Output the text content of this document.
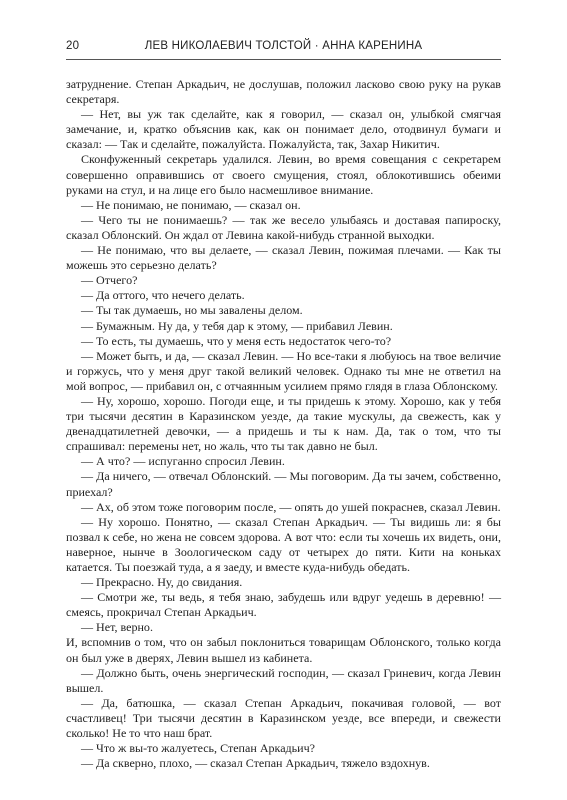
20	ЛЕВ НИКОЛАЕВИЧ ТОЛСТОЙ · АННА КАРЕНИНА

затруднение. Степан Аркадьич, не дослушав, положил ласково свою руку на рукав секретаря.

— Нет, вы уж так сделайте, как я говорил, — сказал он, улыбкой смягчая замечание, и, кратко объяснив как, как он понимает дело, отодвинул бумаги и сказал: — Так и сделайте, пожалуйста. Пожалуйста, так, Захар Никитич.

Сконфуженный секретарь удалился. Левин, во время совещания с секретарем совершенно оправившись от своего смущения, стоял, облокотившись обеими руками на стул, и на лице его было насмешливое внимание.

— Не понимаю, не понимаю, — сказал он.

— Чего ты не понимаешь? — так же весело улыбаясь и доставая папироску, сказал Облонский. Он ждал от Левина какой-нибудь странной выходки.

— Не понимаю, что вы делаете, — сказал Левин, пожимая плечами. — Как ты можешь это серьезно делать?

— Отчего?

— Да оттого, что нечего делать.

— Ты так думаешь, но мы завалены делом.

— Бумажным. Ну да, у тебя дар к этому, — прибавил Левин.

— То есть, ты думаешь, что у меня есть недостаток чего-то?

— Может быть, и да, — сказал Левин. — Но все-таки я любуюсь на твое величие и горжусь, что у меня друг такой великий человек. Однако ты мне не ответил на мой вопрос, — прибавил он, с отчаянным усилием прямо глядя в глаза Облонскому.

— Ну, хорошо, хорошо. Погоди еще, и ты придешь к этому. Хорошо, как у тебя три тысячи десятин в Каразинском уезде, да такие мускулы, да свежесть, как у двенадцатилетней девочки, — а придешь и ты к нам. Да, так о том, что ты спрашивал: перемены нет, но жаль, что ты так давно не был.

— А что? — испуганно спросил Левин.

— Да ничего, — отвечал Облонский. — Мы поговорим. Да ты зачем, собственно, приехал?

— Ах, об этом тоже поговорим после, — опять до ушей покраснев, сказал Левин.

— Ну хорошо. Понятно, — сказал Степан Аркадьич. — Ты видишь ли: я бы позвал к себе, но жена не совсем здорова. А вот что: если ты хочешь их видеть, они, наверное, нынче в Зоологическом саду от четырех до пяти. Кити на коньках катается. Ты поезжай туда, а я заеду, и вместе куда-нибудь обедать.

— Прекрасно. Ну, до свидания.

— Смотри же, ты ведь, я тебя знаю, забудешь или вдруг уедешь в деревню! — смеясь, прокричал Степан Аркадьич.

— Нет, верно.

И, вспомнив о том, что он забыл поклониться товарищам Облонского, только когда он был уже в дверях, Левин вышел из кабинета.

— Должно быть, очень энергический господин, — сказал Гриневич, когда Левин вышел.

— Да, батюшка, — сказал Степан Аркадьич, покачивая головой, — вот счастливец! Три тысячи десятин в Каразинском уезде, все впереди, и свежести сколько! Не то что наш брат.

— Что ж вы-то жалуетесь, Степан Аркадьич?

— Да скверно, плохо, — сказал Степан Аркадьич, тяжело вздохнув.
